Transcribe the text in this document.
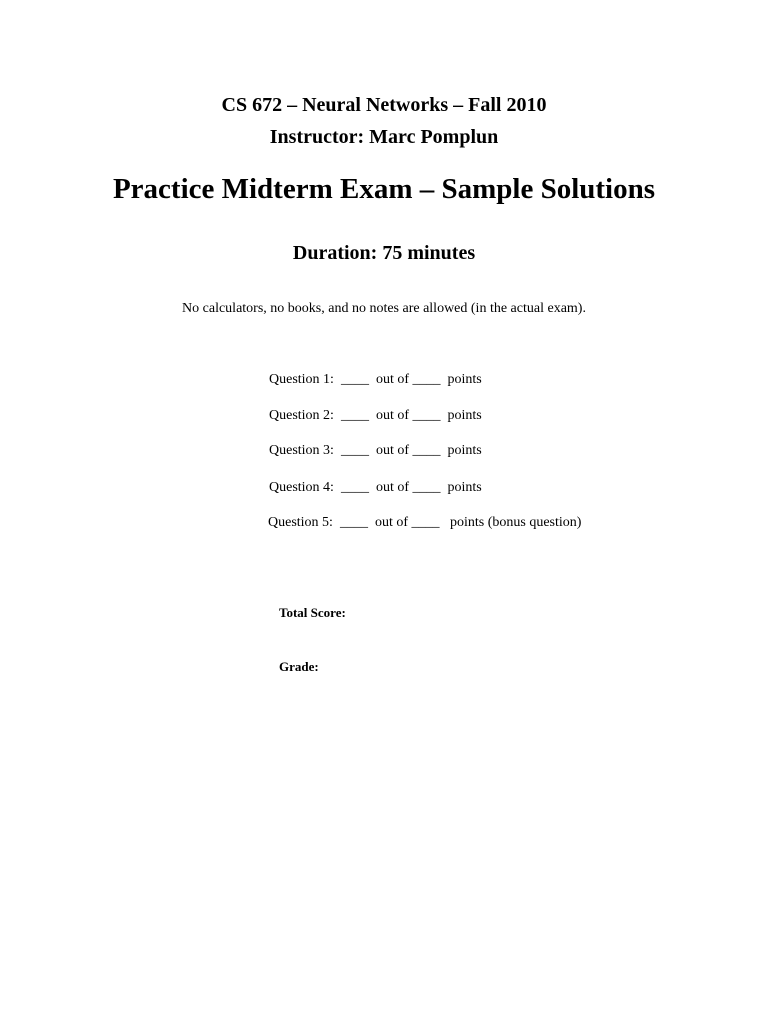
CS 672 – Neural Networks – Fall 2010
Instructor: Marc Pomplun
Practice Midterm Exam – Sample Solutions
Duration: 75 minutes
No calculators, no books, and no notes are allowed (in the actual exam).
Question 1:  ____  out of ____  points
Question 2:  ____  out of ____  points
Question 3:  ____  out of ____  points
Question 4:  ____  out of ____  points
Question 5:  ____  out of ____   points (bonus question)
Total Score:
Grade:
